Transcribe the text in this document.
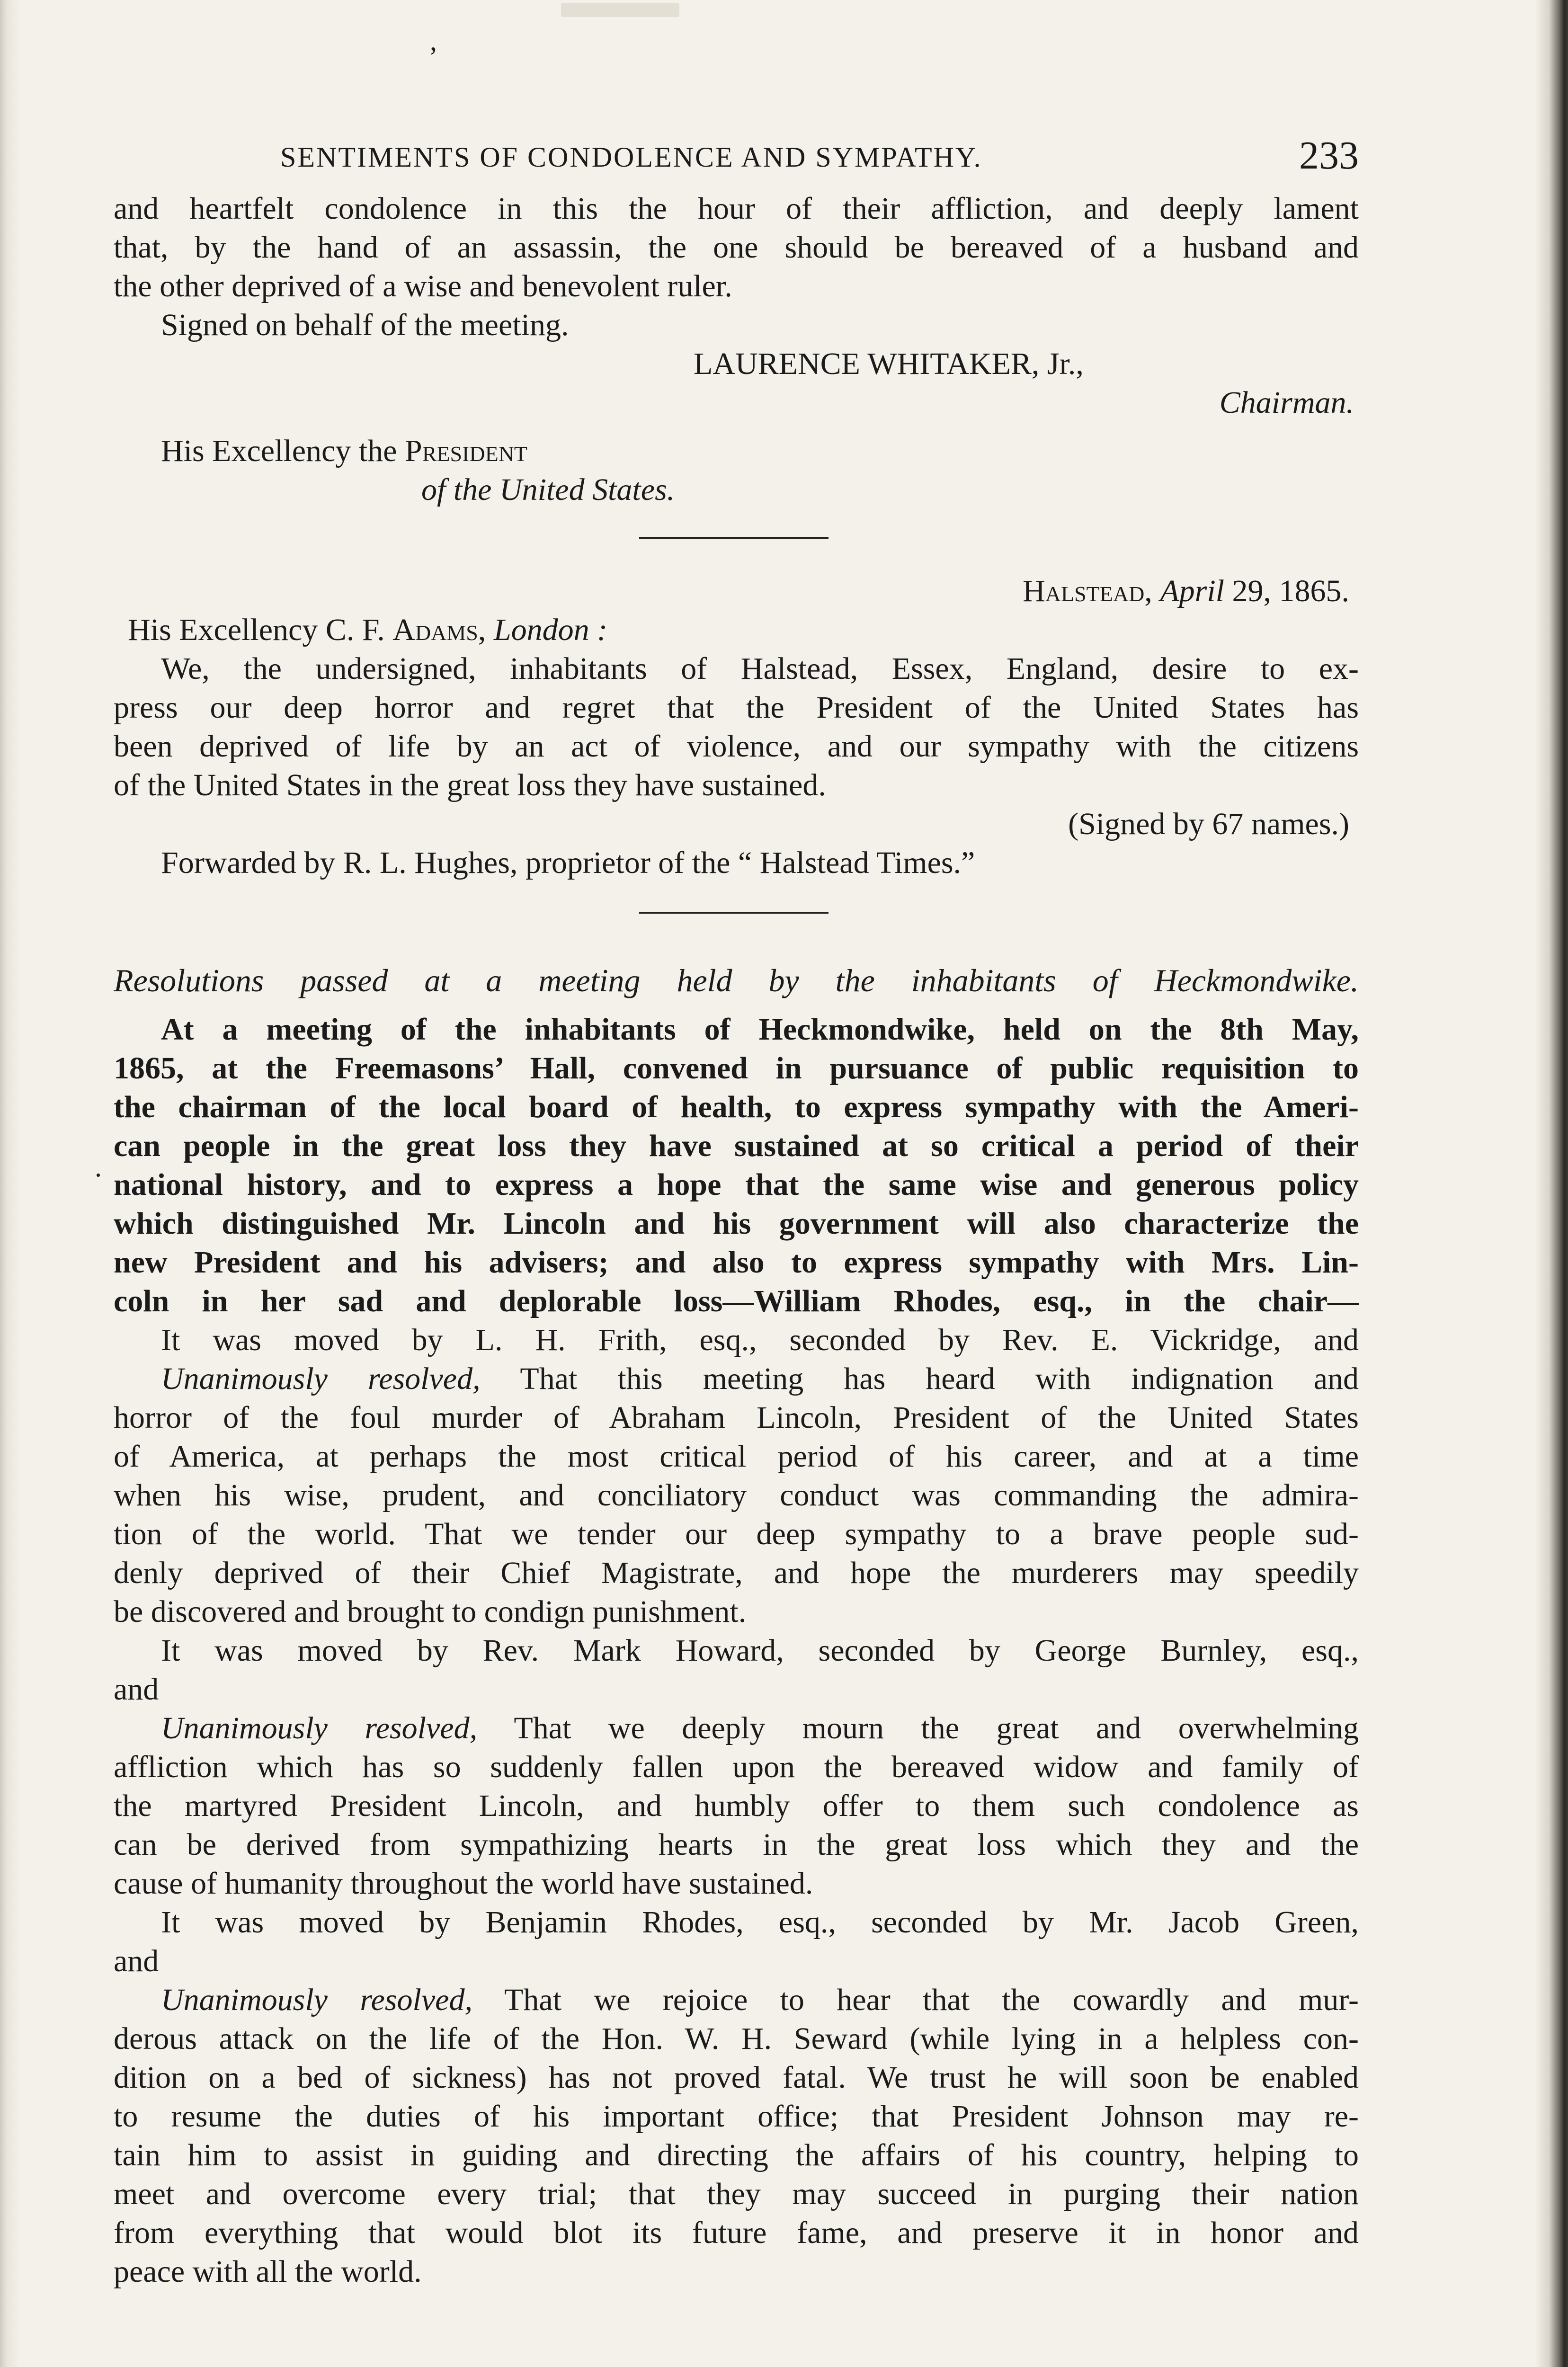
’
.
SENTIMENTS OF CONDOLENCE AND SYMPATHY.	233

and heartfelt condolence in this the hour of their affliction, and deeply lament

that, by the hand of an assassin, the one should be bereaved of a husband and

the other deprived of a wise and benevolent ruler.

Signed on behalf of the meeting.

LAURENCE WHITAKER, Jr.,

Chairman.

His Excellency the President

of the United States.

Halstead, April 29, 1865.

His Excellency C. F. Adams, London :

We, the undersigned, inhabitants of Halstead, Essex, England, desire to ex-

press our deep horror and regret that the President of the United States has

been deprived of life by an act of violence, and our sympathy with the citizens

of the United States in the great loss they have sustained.

(Signed by 67 names.)

Forwarded by R. L. Hughes, proprietor of the “ Halstead Times.”

Resolutions passed at a meeting held by the inhabitants of Heckmondwike.

At a meeting of the inhabitants of Heckmondwike, held on the 8th May,

1865, at the Freemasons’ Hall, convened in pursuance of public requisition to

the chairman of the local board of health, to express sympathy with the Ameri-

can people in the great loss they have sustained at so critical a period of their

national history, and to express a hope that the same wise and generous policy

which distinguished Mr. Lincoln and his government will also characterize the

new President and his advisers; and also to express sympathy with Mrs. Lin-

coln in her sad and deplorable loss—William Rhodes, esq., in the chair—

It was moved by L. H. Frith, esq., seconded by Rev. E. Vickridge, and

Unanimously resolved, That this meeting has heard with indignation and

horror of the foul murder of Abraham Lincoln, President of the United States

of America, at perhaps the most critical period of his career, and at a time

when his wise, prudent, and conciliatory conduct was commanding the admira-

tion of the world. That we tender our deep sympathy to a brave people sud-

denly deprived of their Chief Magistrate, and hope the murderers may speedily

be discovered and brought to condign punishment.

It was moved by Rev. Mark Howard, seconded by George Burnley, esq.,

and

Unanimously resolved, That we deeply mourn the great and overwhelming

affliction which has so suddenly fallen upon the bereaved widow and family of

the martyred President Lincoln, and humbly offer to them such condolence as

can be derived from sympathizing hearts in the great loss which they and the

cause of humanity throughout the world have sustained.

It was moved by Benjamin Rhodes, esq., seconded by Mr. Jacob Green,

and

Unanimously resolved, That we rejoice to hear that the cowardly and mur-

derous attack on the life of the Hon. W. H. Seward (while lying in a helpless con-

dition on a bed of sickness) has not proved fatal. We trust he will soon be enabled

to resume the duties of his important office; that President Johnson may re-

tain him to assist in guiding and directing the affairs of his country, helping to

meet and overcome every trial; that they may succeed in purging their nation

from everything that would blot its future fame, and preserve it in honor and

peace with all the world.
